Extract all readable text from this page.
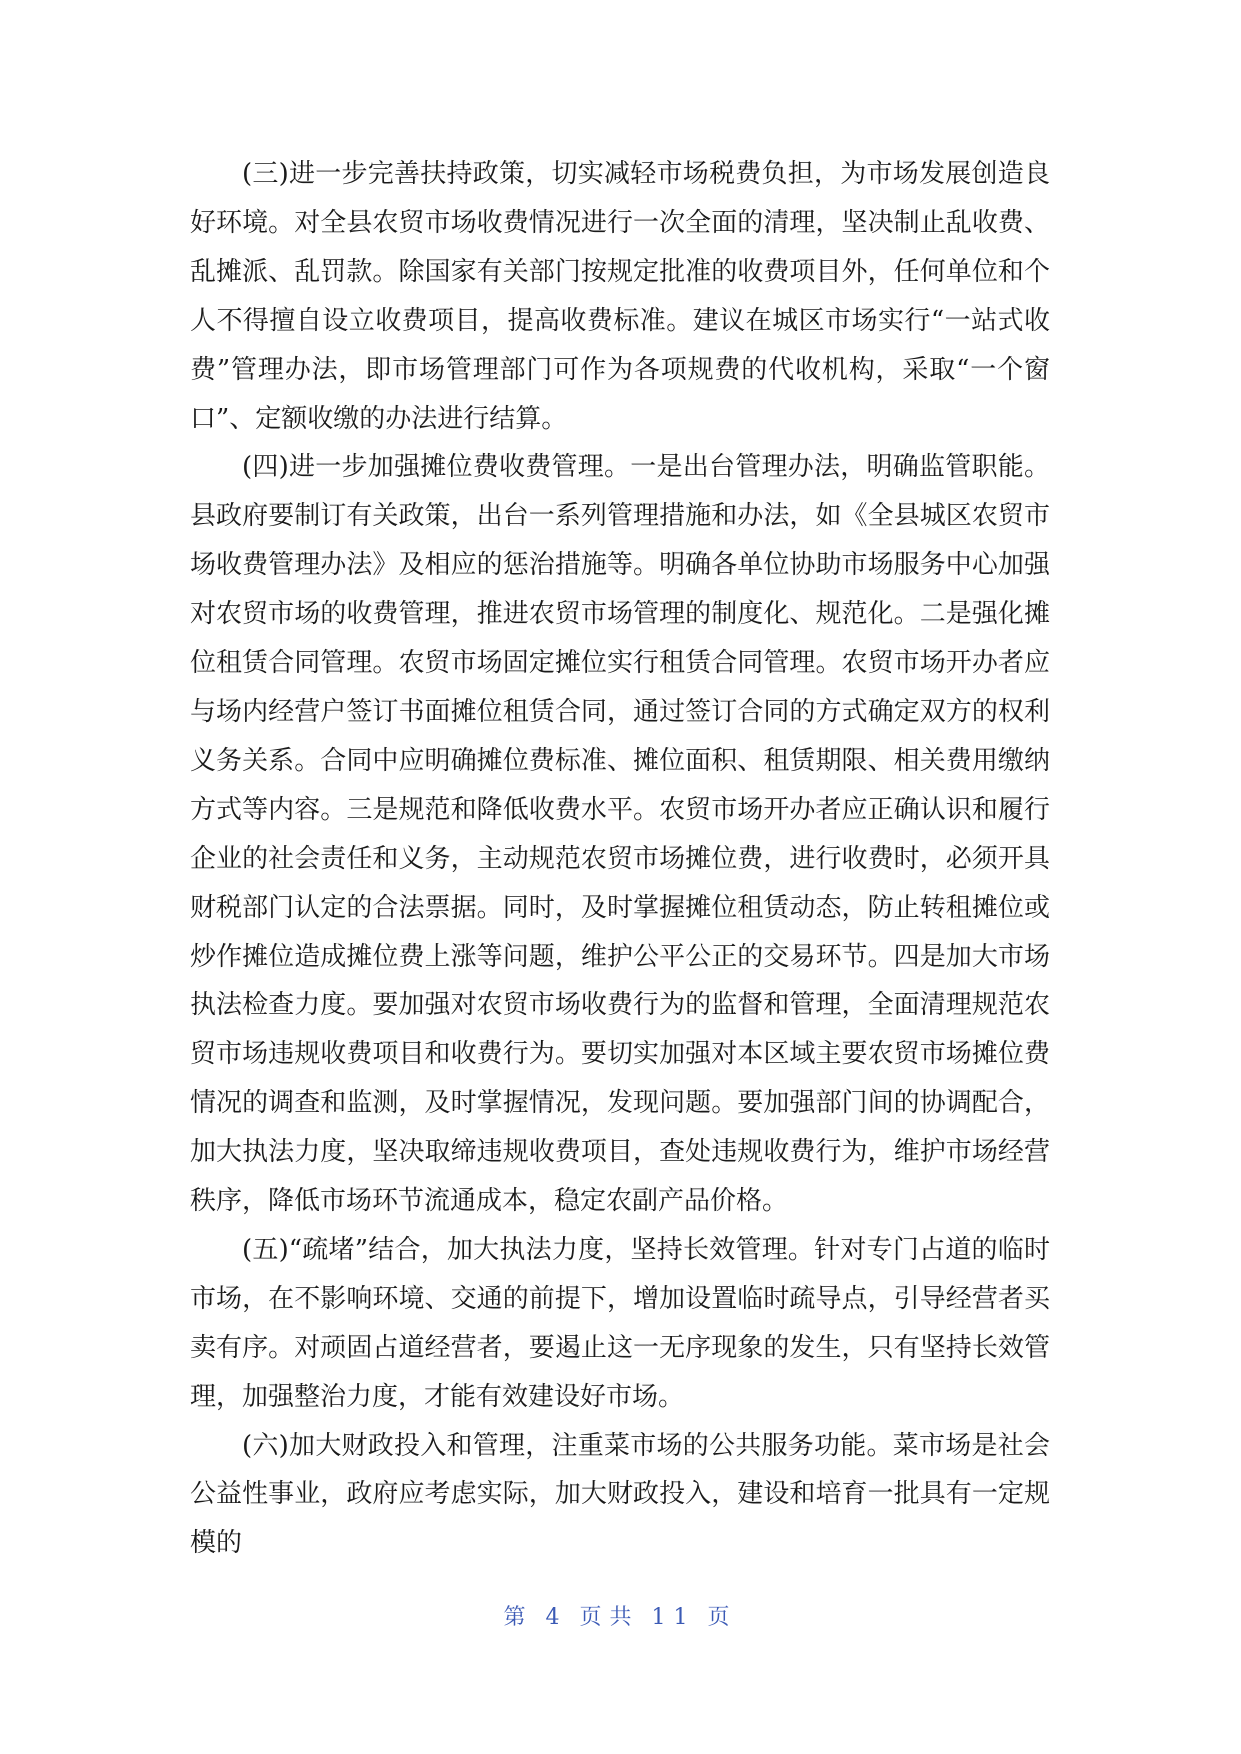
(三)进一步完善扶持政策，切实减轻市场税费负担，为市场发展创造良好环境。对全县农贸市场收费情况进行一次全面的清理，坚决制止乱收费、乱摊派、乱罚款。除国家有关部门按规定批准的收费项目外，任何单位和个人不得擅自设立收费项目，提高收费标准。建议在城区市场实行“一站式收费”管理办法，即市场管理部门可作为各项规费的代收机构，采取“一个窗口”、定额收缴的办法进行结算。

(四)进一步加强摊位费收费管理。一是出台管理办法，明确监管职能。县政府要制订有关政策，出台一系列管理措施和办法，如《全县城区农贸市场收费管理办法》及相应的惩治措施等。明确各单位协助市场服务中心加强对农贸市场的收费管理，推进农贸市场管理的制度化、规范化。二是强化摊位租赁合同管理。农贸市场固定摊位实行租赁合同管理。农贸市场开办者应与场内经营户签订书面摊位租赁合同，通过签订合同的方式确定双方的权利义务关系。合同中应明确摊位费标准、摊位面积、租赁期限、相关费用缴纳方式等内容。三是规范和降低收费水平。农贸市场开办者应正确认识和履行企业的社会责任和义务，主动规范农贸市场摊位费，进行收费时，必须开具财税部门认定的合法票据。同时，及时掌握摊位租赁动态，防止转租摊位或炒作摊位造成摊位费上涨等问题，维护公平公正的交易环节。四是加大市场执法检查力度。要加强对农贸市场收费行为的监督和管理，全面清理规范农贸市场违规收费项目和收费行为。要切实加强对本区域主要农贸市场摊位费情况的调查和监测，及时掌握情况，发现问题。要加强部门间的协调配合，加大执法力度，坚决取缔违规收费项目，查处违规收费行为，维护市场经营秩序，降低市场环节流通成本，稳定农副产品价格。

(五)“疏堵”结合，加大执法力度，坚持长效管理。针对专门占道的临时市场，在不影响环境、交通的前提下，增加设置临时疏导点，引导经营者买卖有序。对顽固占道经营者，要遏止这一无序现象的发生，只有坚持长效管理，加强整治力度，才能有效建设好市场。

(六)加大财政投入和管理，注重菜市场的公共服务功能。菜市场是社会公益性事业，政府应考虑实际，加大财政投入，建设和培育一批具有一定规模的

第 4 页共 11 页
